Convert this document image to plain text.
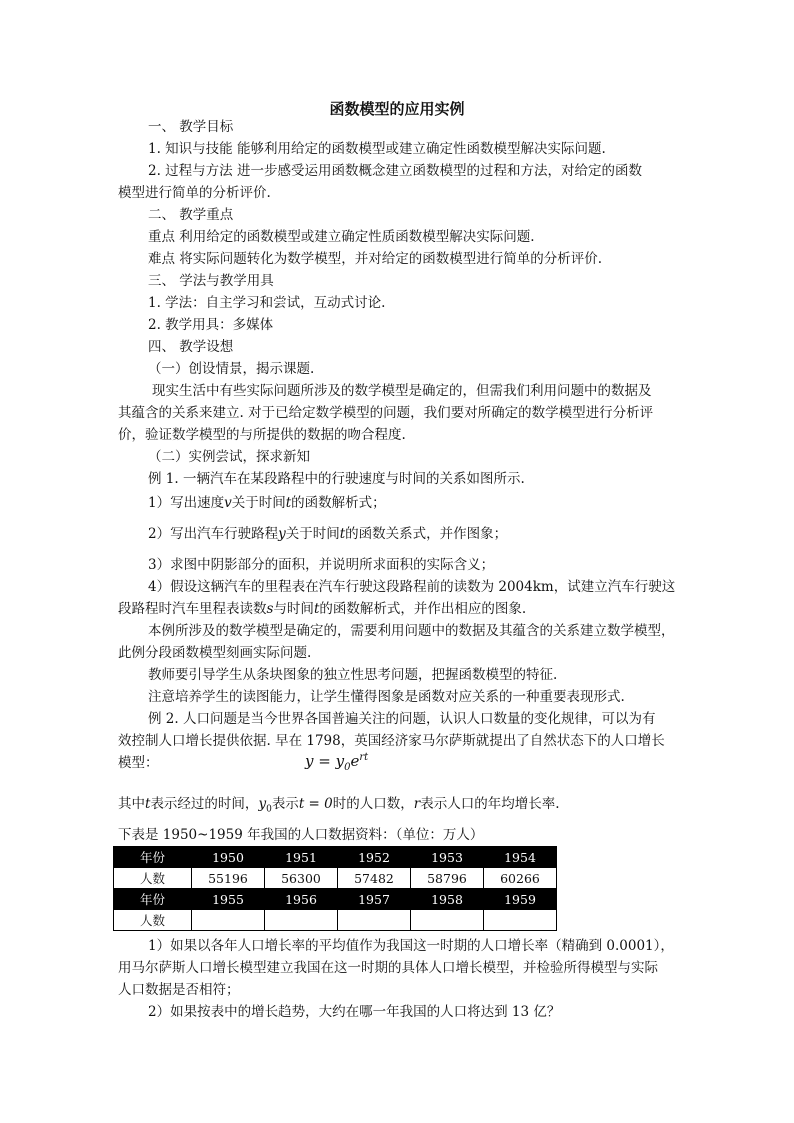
函数模型的应用实例
一、 教学目标
1. 知识与技能 能够利用给定的函数模型或建立确定性函数模型解决实际问题.
2. 过程与方法 进一步感受运用函数概念建立函数模型的过程和方法，对给定的函数
模型进行简单的分析评价.
二、 教学重点
重点 利用给定的函数模型或建立确定性质函数模型解决实际问题.
难点 将实际问题转化为数学模型，并对给定的函数模型进行简单的分析评价.
三、 学法与教学用具
1. 学法：自主学习和尝试，互动式讨论.
2. 教学用具：多媒体
四、 教学设想
（一）创设情景，揭示课题.
现实生活中有些实际问题所涉及的数学模型是确定的，但需我们利用问题中的数据及
其蕴含的关系来建立. 对于已给定数学模型的问题，我们要对所确定的数学模型进行分析评
价，验证数学模型的与所提供的数据的吻合程度.
（二）实例尝试，探求新知
例 1. 一辆汽车在某段路程中的行驶速度与时间的关系如图所示.
1）写出速度v关于时间t的函数解析式；
2）写出汽车行驶路程y关于时间t的函数关系式，并作图象；
3）求图中阴影部分的面积，并说明所求面积的实际含义；
4）假设这辆汽车的里程表在汽车行驶这段路程前的读数为 2004km，试建立汽车行驶这
段路程时汽车里程表读数s与时间t的函数解析式，并作出相应的图象.
本例所涉及的数学模型是确定的，需要利用问题中的数据及其蕴含的关系建立数学模型，
此例分段函数模型刻画实际问题.
教师要引导学生从条块图象的独立性思考问题，把握函数模型的特征.
注意培养学生的读图能力，让学生懂得图象是函数对应关系的一种重要表现形式.
例 2. 人口问题是当今世界各国普遍关注的问题，认识人口数量的变化规律，可以为有
效控制人口增长提供依据. 早在 1798，英国经济家马尔萨斯就提出了自然状态下的人口增长
模型：	$y = y_0e^{rt}$
其中t表示经过的时间，$y_0$表示t = 0时的人口数，r表示人口的年均增长率.
下表是 1950~1959 年我国的人口数据资料：（单位：万人）
年份	1950	1951	1952	1953	1954
人数	55196	56300	57482	58796	60266
年份	1955	1956	1957	1958	1959
人数					
1）如果以各年人口增长率的平均值作为我国这一时期的人口增长率（精确到 0.0001），
用马尔萨斯人口增长模型建立我国在这一时期的具体人口增长模型，并检验所得模型与实际
人口数据是否相符；
2）如果按表中的增长趋势，大约在哪一年我国的人口将达到 13 亿？
